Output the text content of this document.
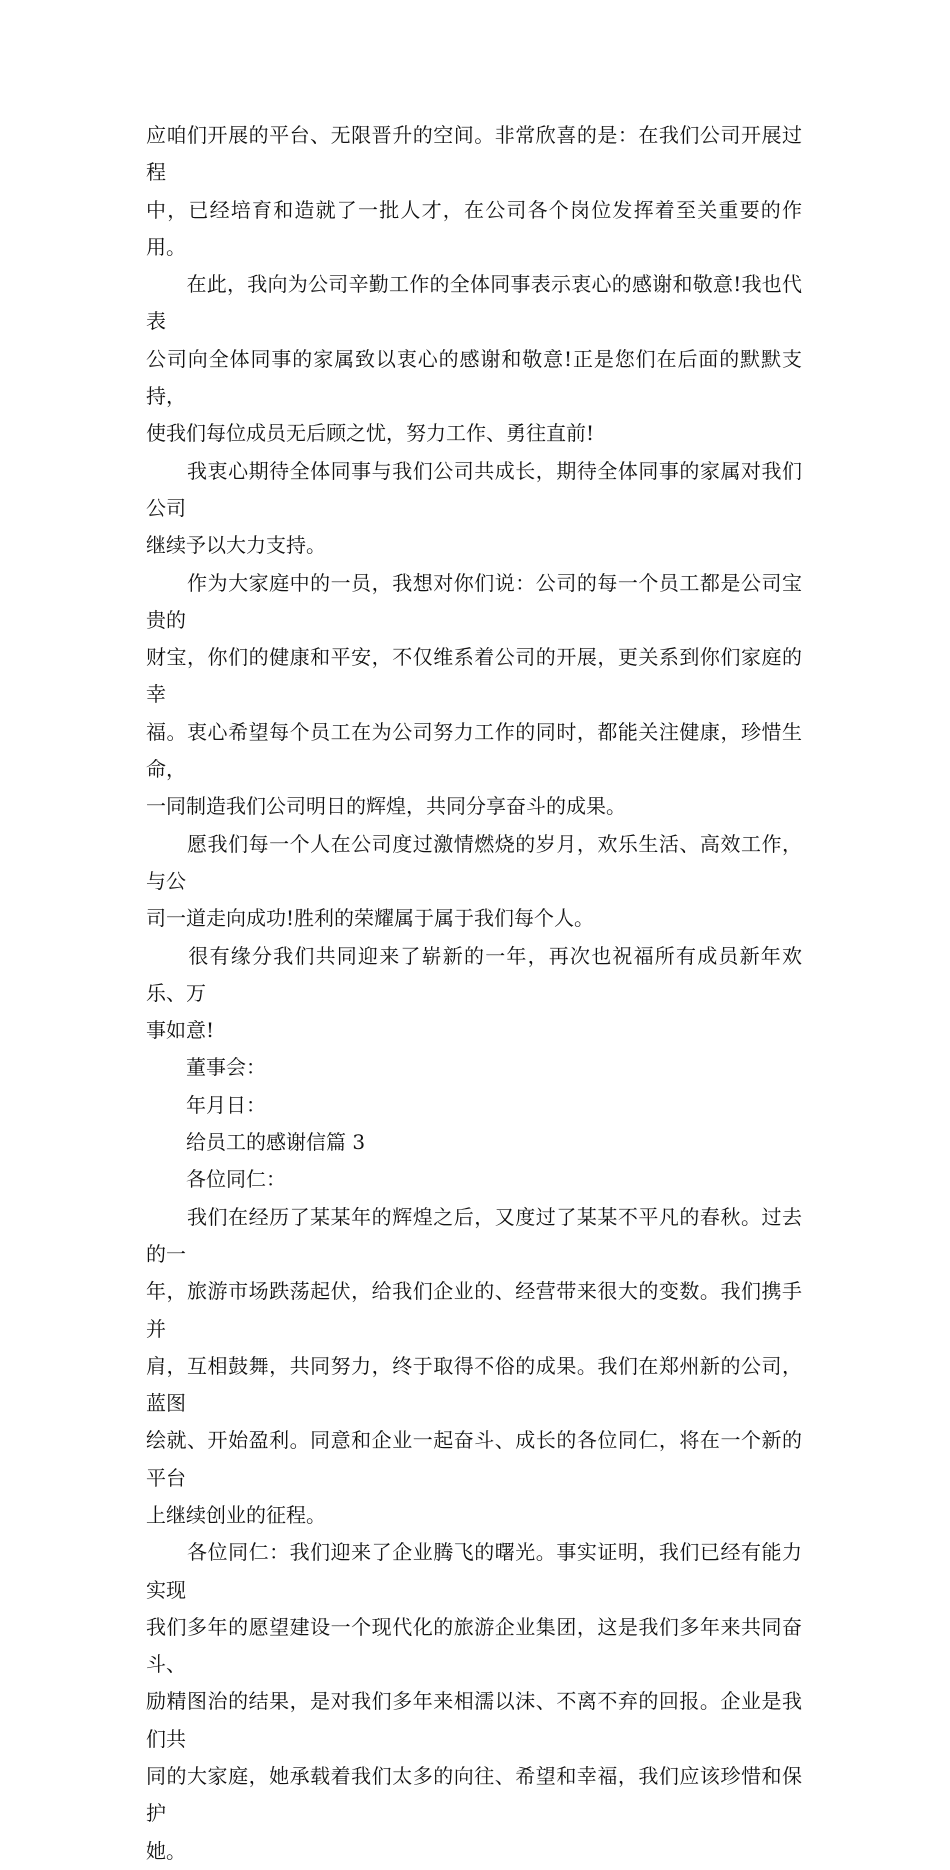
应咱们开展的平台、无限晋升的空间。非常欣喜的是：在我们公司开展过程
中，已经培育和造就了一批人才，在公司各个岗位发挥着至关重要的作用。

　　在此，我向为公司辛勤工作的全体同事表示衷心的感谢和敬意!我也代表
公司向全体同事的家属致以衷心的感谢和敬意!正是您们在后面的默默支持，
使我们每位成员无后顾之忧，努力工作、勇往直前!

　　我衷心期待全体同事与我们公司共成长，期待全体同事的家属对我们公司
继续予以大力支持。

　　作为大家庭中的一员，我想对你们说：公司的每一个员工都是公司宝贵的
财宝，你们的健康和平安，不仅维系着公司的开展，更关系到你们家庭的幸
福。衷心希望每个员工在为公司努力工作的同时，都能关注健康，珍惜生命，
一同制造我们公司明日的辉煌，共同分享奋斗的成果。

　　愿我们每一个人在公司度过激情燃烧的岁月，欢乐生活、高效工作，与公
司一道走向成功!胜利的荣耀属于属于我们每个人。

　　很有缘分我们共同迎来了崭新的一年，再次也祝福所有成员新年欢乐、万
事如意!

　　董事会：

　　年月日：

　　给员工的感谢信篇 3

　　各位同仁：

　　我们在经历了某某年的辉煌之后，又度过了某某不平凡的春秋。过去的一
年，旅游市场跌荡起伏，给我们企业的、经营带来很大的变数。我们携手并
肩，互相鼓舞，共同努力，终于取得不俗的成果。我们在郑州新的公司，蓝图
绘就、开始盈利。同意和企业一起奋斗、成长的各位同仁，将在一个新的平台
上继续创业的征程。

　　各位同仁：我们迎来了企业腾飞的曙光。事实证明，我们已经有能力实现
我们多年的愿望建设一个现代化的旅游企业集团，这是我们多年来共同奋斗、
励精图治的结果，是对我们多年来相濡以沫、不离不弃的回报。企业是我们共
同的大家庭，她承载着我们太多的向往、希望和幸福，我们应该珍惜和保护
她。
